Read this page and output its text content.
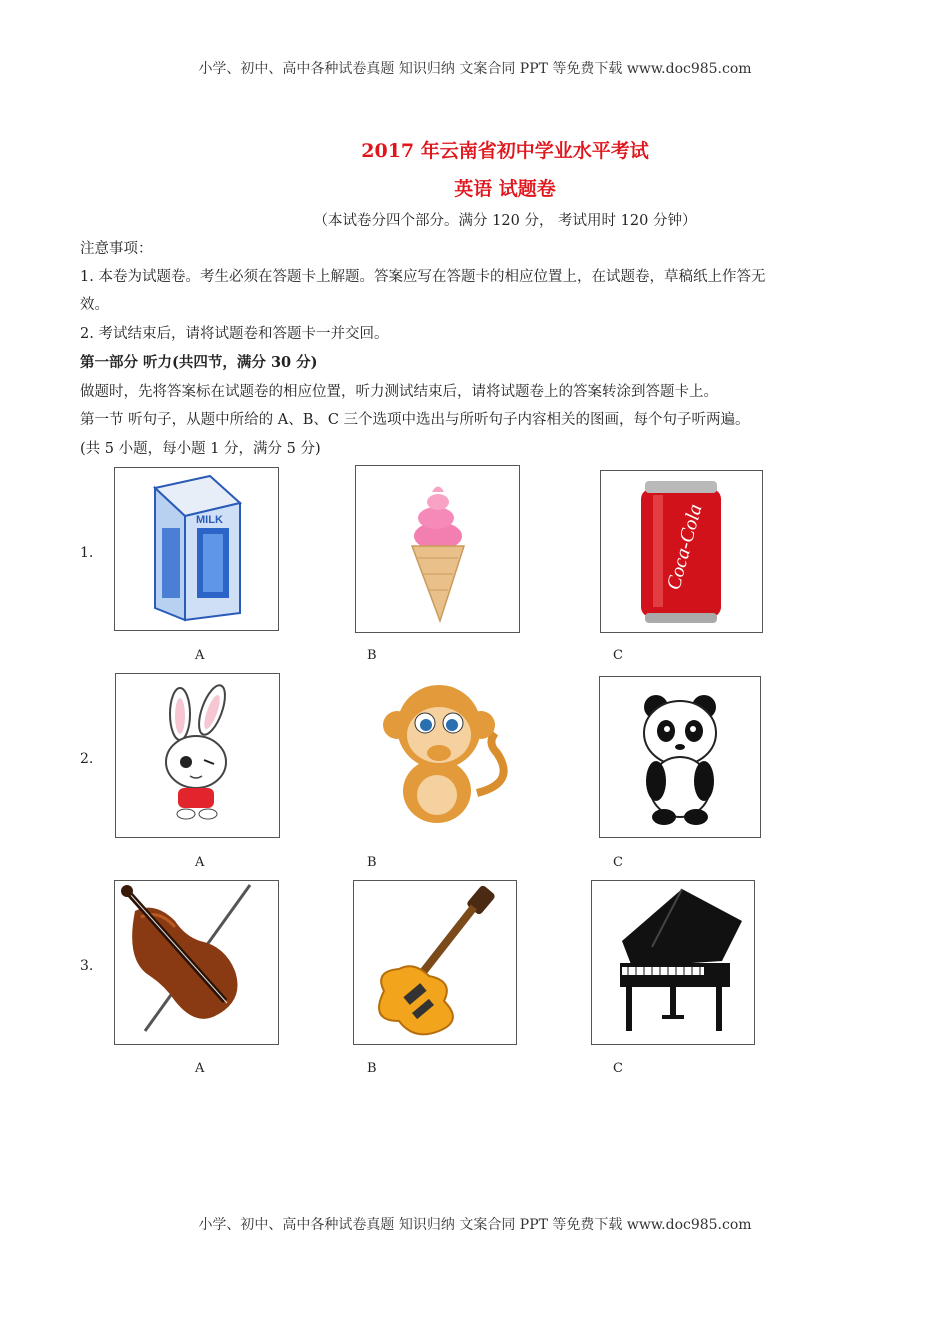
小学、初中、高中各种试卷真题 知识归纳 文案合同 PPT 等免费下载 www.doc985.com
2017 年云南省初中学业水平考试
英语 试题卷
（本试卷分四个部分。满分 120 分， 考试用时 120 分钟）
注意事项：
1. 本卷为试题卷。考生必须在答题卡上解题。答案应写在答题卡的相应位置上，在试题卷，草稿纸上作答无
效。
2. 考试结束后，请将试题卷和答题卡一并交回。
第一部分 听力(共四节，满分 30 分)
做题时，先将答案标在试题卷的相应位置，听力测试结束后，请将试题卷上的答案转涂到答题卡上。
第一节 听句子，从题中所给的 A、B、C 三个选项中选出与所听句子内容相关的图画，每个句子听两遍。
(共 5 小题，每小题 1 分，满分 5 分)
1.
MILK
A	B
Coca-Cola
C
2.
A	B	C
3.
A	B	C
小学、初中、高中各种试卷真题 知识归纳 文案合同 PPT 等免费下载 www.doc985.com
